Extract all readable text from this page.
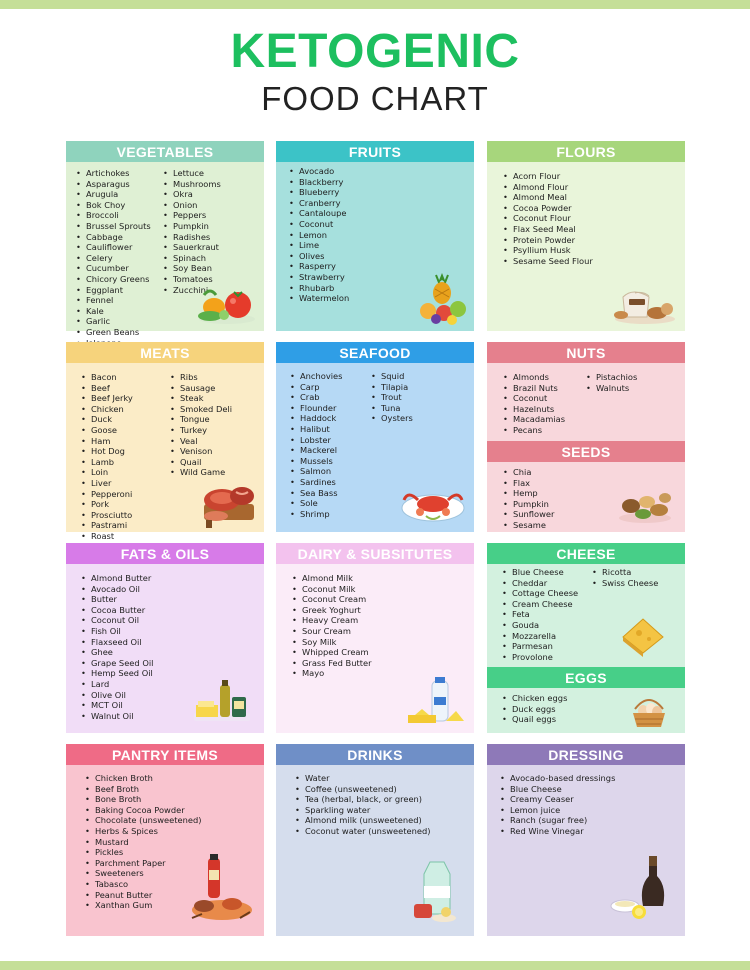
KETOGENIC
FOOD CHART
VEGETABLES
• Artichokes
• Asparagus
• Arugula
• Bok Choy
• Broccoli
• Brussel Sprouts
• Cabbage
• Cauliflower
• Celery
• Cucumber
• Chicory Greens
• Eggplant
• Fennel
• Kale
• Garlic
• Green Beans
•
• Lettuce
• Mushrooms
• Okra
• Onion
• Peppers
• Pumpkin
• Radishes
• Sauerkraut
• Spinach
• Soy Bean
• Tomatoes
• Zucchini
FRUITS
• Avocado
• Blackberry
• Blueberry
• Cranberry
• Cantaloupe
• Coconut
• Lemon
• Lime
• Olives
• Rasperry
• Strawberry
• Rhubarb
• Watermelon
FLOURS
• Acorn Flour
• Almond Flour
• Almond Meal
• Cocoa Powder
• Coconut Flour
• Flax Seed Meal
• Protein Powder
• Psyllium Husk
• Sesame Seed Flour
MEATS
• Bacon
• Beef
• Beef Jerky
• Chicken
• Duck
• Goose
• Ham
• Hot Dog
• Lamb
• Loin
• Liver
• Pepperoni
• Pork
• Prosciutto
• Pastrami
• Roast
• Ribs
• Sausage
• Steak
• Smoked Deli
• Tongue
• Turkey
• Veal
• Venison
• Quail
• Wild Game
SEAFOOD
• Anchovies
• Carp
• Crab
• Flounder
• Haddock
• Halibut
• Lobster
• Mackerel
• Mussels
• Salmon
• Sardines
• Sea Bass
• Sole
• Shrimp
• Squid
• Tilapia
• Trout
• Tuna
• Oysters
NUTS
• Almonds
• Brazil Nuts
• Coconut
• Hazelnuts
• Macadamias
• Pecans
• Pistachios
• Walnuts
SEEDS
• Chia
• Flax
• Hemp
• Pumpkin
• Sunflower
• Sesame
FATS & OILS
• Almond Butter
• Avocado Oil
• Butter
• Cocoa Butter
• Coconut Oil
• Fish Oil
• Flaxseed Oil
• Ghee
• Grape Seed Oil
• Hemp Seed Oil
• Lard
• Olive Oil
• MCT Oil
• Walnut Oil
DAIRY & SUBSITUTES
• Almond Milk
• Coconut Milk
• Coconut Cream
• Greek Yoghurt
• Heavy Cream
• Sour Cream
• Soy Milk
• Whipped Cream
• Grass Fed Butter
• Mayo
CHEESE
• Blue Cheese
• Cheddar
• Cottage Cheese
• Cream Cheese
• Feta
• Gouda
• Mozzarella
• Parmesan
• Provolone
• Ricotta
• Swiss Cheese
EGGS
• Chicken eggs
• Duck eggs
• Quail eggs
PANTRY ITEMS
• Chicken Broth
• Beef Broth
• Bone Broth
• Baking Cocoa Powder
• Chocolate (unsweetened)
• Herbs & Spices
• Mustard
• Pickles
• Parchment Paper
• Sweeteners
• Tabasco
• Peanut Butter
• Xanthan Gum
DRINKS
• Water
• Coffee (unsweetened)
• Tea (herbal, black, or green)
• Sparkling water
• Almond milk (unsweetened)
• Coconut water (unsweetened)
DRESSING
• Avocado-based dressings
• Blue Cheese
• Creamy Ceaser
• Lemon juice
• Ranch (sugar free)
• Red Wine Vinegar
